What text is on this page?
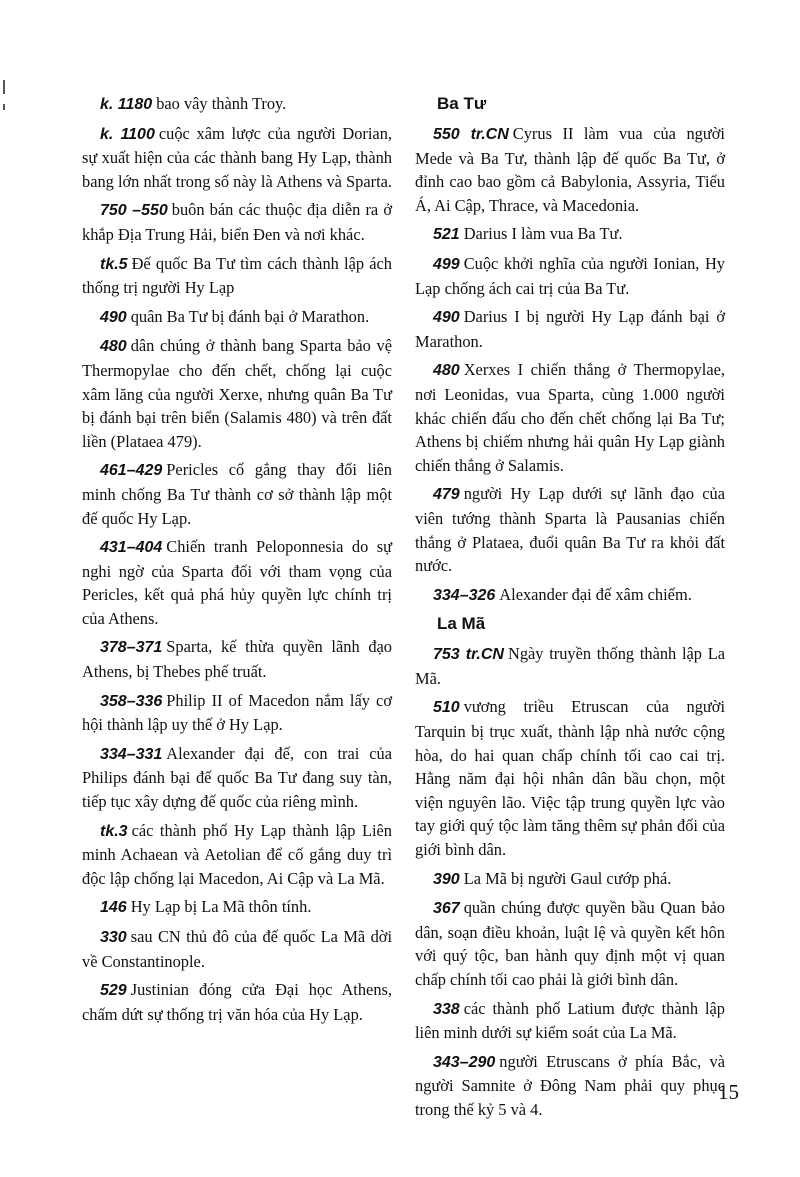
k. 1180 bao vây thành Troy.

k. 1100 cuộc xâm lược của người Dorian, sự xuất hiện của các thành bang Hy Lạp, thành bang lớn nhất trong số này là Athens và Sparta.

750 –550 buôn bán các thuộc địa diễn ra ở khắp Địa Trung Hải, biển Đen và nơi khác.

tk.5 Đế quốc Ba Tư tìm cách thành lập ách thống trị người Hy Lạp

490 quân Ba Tư bị đánh bại ở Marathon.

480 dân chúng ở thành bang Sparta bảo vệ Thermopylae cho đến chết, chống lại cuộc xâm lăng của người Xerxe, nhưng quân Ba Tư bị đánh bại trên biển (Salamis 480) và trên đất liền (Plataea 479).

461–429 Pericles cố gắng thay đổi liên minh chống Ba Tư thành cơ sở thành lập một đế quốc Hy Lạp.

431–404 Chiến tranh Peloponnesia do sự nghi ngờ của Sparta đối với tham vọng của Pericles, kết quả phá hủy quyền lực chính trị của Athens.

378–371 Sparta, kế thừa quyền lãnh đạo Athens, bị Thebes phế truất.

358–336 Philip II of Macedon nắm lấy cơ hội thành lập uy thế ở Hy Lạp.

334–331 Alexander đại đế, con trai của Philips đánh bại đế quốc Ba Tư đang suy tàn, tiếp tục xây dựng đế quốc của riêng mình.

tk.3 các thành phố Hy Lạp thành lập Liên minh Achaean và Aetolian để cố gắng duy trì độc lập chống lại Macedon, Ai Cập và La Mã.

146 Hy Lạp bị La Mã thôn tính.

330 sau CN thủ đô của đế quốc La Mã dời về Constantinople.

529 Justinian đóng cửa Đại học Athens, chấm dứt sự thống trị văn hóa của Hy Lạp.

Ba Tư

550 tr.CN Cyrus II làm vua của người Mede và Ba Tư, thành lập đế quốc Ba Tư, ở đỉnh cao bao gồm cả Babylonia, Assyria, Tiểu Á, Ai Cập, Thrace, và Macedonia.

521 Darius I làm vua Ba Tư.

499 Cuộc khởi nghĩa của người Ionian, Hy Lạp chống ách cai trị của Ba Tư.

490 Darius I bị người Hy Lạp đánh bại ở Marathon.

480 Xerxes I chiến thắng ở Thermopylae, nơi Leonidas, vua Sparta, cùng 1.000 người khác chiến đấu cho đến chết chống lại Ba Tư; Athens bị chiếm nhưng hải quân Hy Lạp giành chiến thắng ở Salamis.

479 người Hy Lạp dưới sự lãnh đạo của viên tướng thành Sparta là Pausanias chiến thắng ở Plataea, đuổi quân Ba Tư ra khỏi đất nước.

334–326 Alexander đại đế xâm chiếm.

La Mã

753 tr.CN Ngày truyền thống thành lập La Mã.

510 vương triều Etruscan của người Tarquin bị trục xuất, thành lập nhà nước cộng hòa, do hai quan chấp chính tối cao cai trị. Hằng năm đại hội nhân dân bầu chọn, một viện nguyên lão. Việc tập trung quyền lực vào tay giới quý tộc làm tăng thêm sự phản đối của giới bình dân.

390 La Mã bị người Gaul cướp phá.

367 quần chúng được quyền bầu Quan bảo dân, soạn điều khoản, luật lệ và quyền kết hôn với quý tộc, ban hành quy định một vị quan chấp chính tối cao phải là giới bình dân.

338 các thành phố Latium được thành lập liên minh dưới sự kiểm soát của La Mã.

343–290 người Etruscans ở phía Bắc, và người Samnite ở Đông Nam phải quy phục trong thế kỷ 5 và 4.

15
